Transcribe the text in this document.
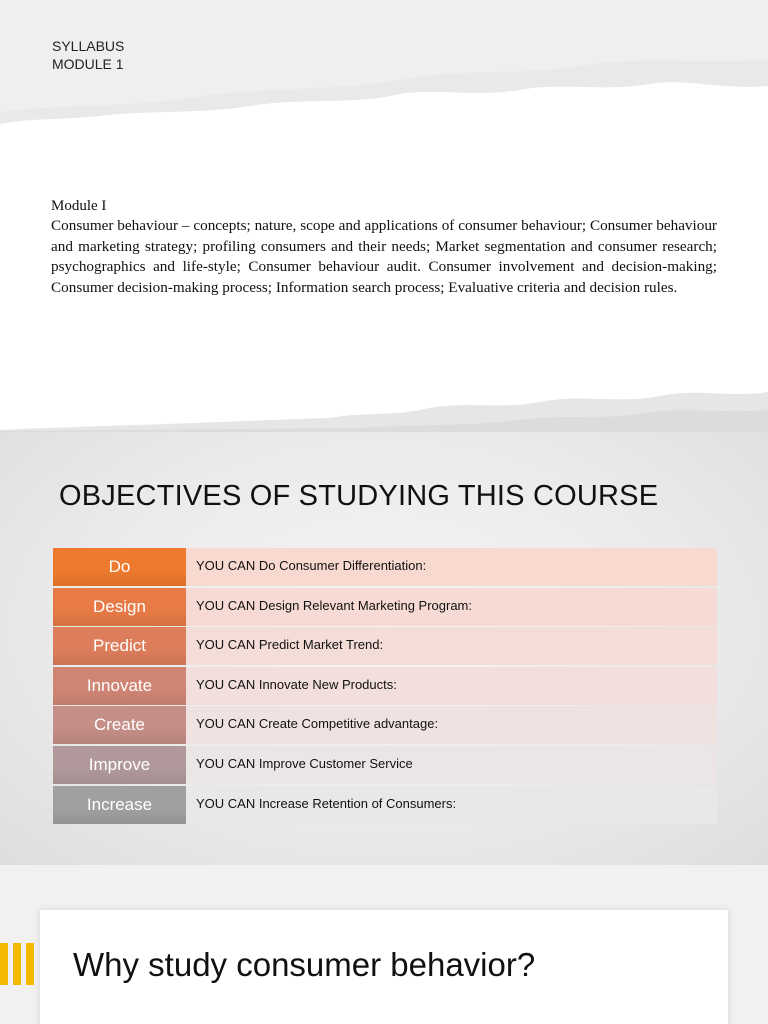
SYLLABUS
MODULE 1
Module I
Consumer behaviour – concepts; nature, scope and applications of consumer behaviour; Consumer behaviour and marketing strategy; profiling consumers and their needs; Market segmentation and consumer research; psychographics and life-style; Consumer behaviour audit. Consumer involvement and decision-making; Consumer decision-making process; Information search process; Evaluative criteria and decision rules.
OBJECTIVES OF STUDYING THIS COURSE
Do	YOU CAN Do Consumer Differentiation:
Design	YOU CAN Design Relevant Marketing Program:
Predict	YOU CAN Predict Market Trend:
Innovate	YOU CAN Innovate New Products:
Create	YOU CAN Create Competitive advantage:
Improve	YOU CAN Improve Customer Service
Increase	YOU CAN Increase Retention of Consumers:
Why study consumer behavior?
